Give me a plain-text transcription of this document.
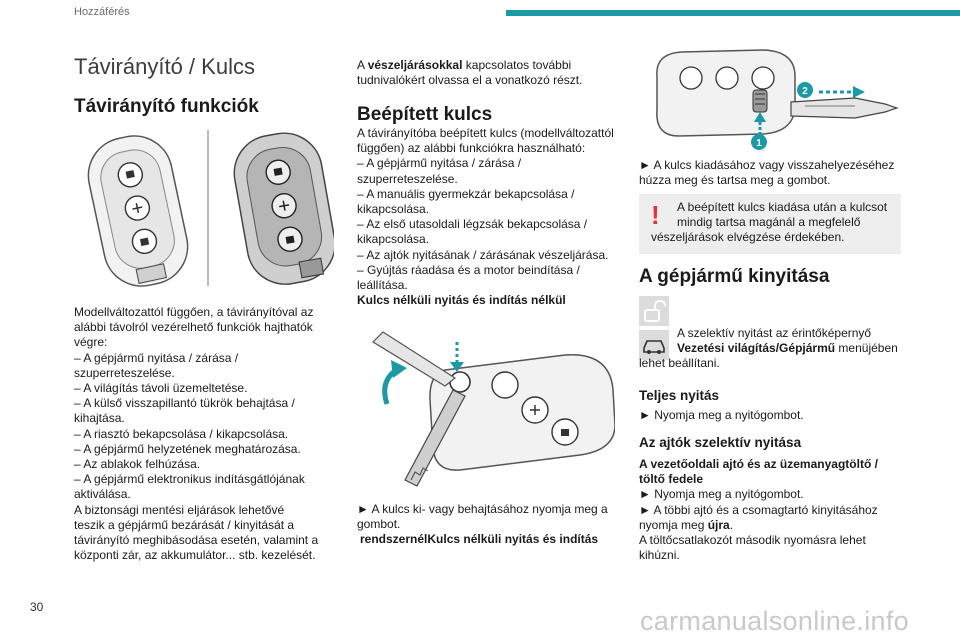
Hozzáférés
Távirányító / Kulcs
Távirányító funkciók

Modellváltozattól függően, a távirányítóval az
alábbi távolról vezérelhető funkciók hajthatók
végre:
– A gépjármű nyitása / zárása /
szuperreteszelése.
– A világítás távoli üzemeltetése.
– A külső visszapillantó tükrök behajtása /
kihajtása.
– A riasztó bekapcsolása / kikapcsolása.
– A gépjármű helyzetének meghatározása.
– Az ablakok felhúzása.
– A gépjármű elektronikus indításgátlójának
aktiválása.
A biztonsági mentési eljárások lehetővé
teszik a gépjármű bezárását / kinyitását a
távirányító meghibásodása esetén, valamint a
központi zár, az akkumulátor... stb. kezelését.

A vészeljárásokkal kapcsolatos további
tudnivalókért olvassa el a vonatkozó részt.

Beépített kulcs

A távirányítóba beépített kulcs (modellváltozattól
függően) az alábbi funkciókra használható:
– A gépjármű nyitása / zárása /
szuperreteszelése.
– A manuális gyermekzár bekapcsolása /
kikapcsolása.
– Az első utasoldali légzsák bekapcsolása /
kikapcsolása.
– Az ajtók nyitásának / zárásának vészeljárása.
– Gyújtás ráadása és a motor beindítása /
leállítása.
Kulcs nélküli nyitás és indítás nélkül

► A kulcs ki- vagy behajtásához nyomja meg a
gombot.
rendszernélKulcs nélküli nyitás és indítás

2
1

► A kulcs kiadásához vagy visszahelyezéséhez
húzza meg és tartsa meg a gombot.

!	A beépített kulcs kiadása után a kulcsot
mindig tartsa magánál a megfelelő
vészeljárások elvégzése érdekében.

A gépjármű kinyitása

A szelektív nyitást az érintőképernyő
Vezetési világítás/Gépjármű menüjében
lehet beállítani.

Teljes nyitás

► Nyomja meg a nyitógombot.

Az ajtók szelektív nyitása

A vezetőoldali ajtó és az üzemanyagtöltő /
töltő fedele
► Nyomja meg a nyitógombot.
► A többi ajtó és a csomagtartó kinyitásához
nyomja meg újra.
A töltőcsatlakozót második nyomásra lehet
kihúzni.

30	carmanualsonline.info
